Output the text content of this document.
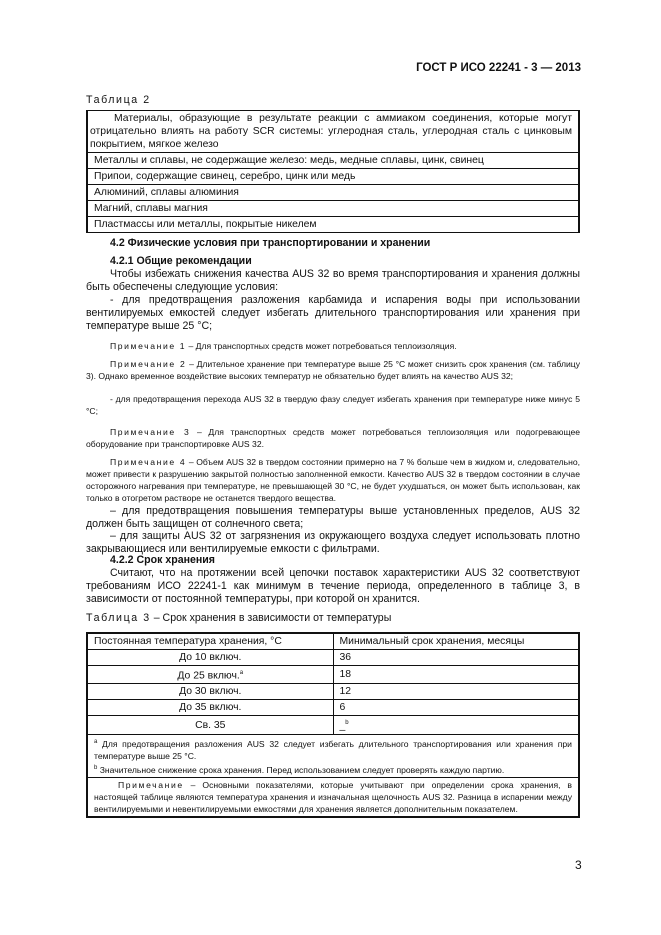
ГОСТ Р ИСО 22241 - 3 — 2013
Таблица 2
Материалы, образующие в результате реакции с аммиаком соединения, которые могут отрицательно влиять на работу SCR системы: углеродная сталь, углеродная сталь с цинковым покрытием, мягкое железо
Металлы и сплавы, не содержащие железо: медь, медные сплавы, цинк, свинец
Припои, содержащие свинец, серебро, цинк или медь
Алюминий, сплавы алюминия
Магний, сплавы магния
Пластмассы или металлы, покрытые никелем
4.2 Физические условия при транспортировании и хранении
4.2.1 Общие рекомендации

Чтобы избежать снижения качества AUS 32 во время транспортирования и хранения должны быть обеспечены следующие условия:

- для предотвращения разложения карбамида и испарения воды при использовании вентилируемых емкостей следует избегать длительного транспортирования или хранения при температуре выше 25 °С;

Примечание 1 – Для транспортных средств может потребоваться теплоизоляция.

Примечание 2 – Длительное хранение при температуре выше 25 °С может снизить срок хранения (см. таблицу 3). Однако временное воздействие высоких температур не обязательно будет влиять на качество AUS 32;

- для предотвращения перехода AUS 32 в твердую фазу следует избегать хранения при температуре ниже минус 5 °С;

Примечание 3 – Для транспортных средств может потребоваться теплоизоляция или подогревающее оборудование при транспортировке AUS 32.

Примечание 4 – Объем AUS 32 в твердом состоянии примерно на 7 % больше чем в жидком и, следовательно, может привести к разрушению закрытой полностью заполненной емкости. Качество AUS 32 в твердом состоянии в случае осторожного нагревания при температуре, не превышающей 30 °С, не будет ухудшаться, он может быть использован, как только в отогретом растворе не останется твердого вещества.

– для предотвращения повышения температуры выше установленных пределов, AUS 32 должен быть защищен от солнечного света;

– для защиты AUS 32 от загрязнения из окружающего воздуха следует использовать плотно закрывающиеся или вентилируемые емкости с фильтрами.

4.2.2 Срок хранения

Считают, что на протяжении всей цепочки поставок характеристики AUS 32 соответствуют требованиям ИСО 22241-1 как минимум в течение периода, определенного в таблице 3, в зависимости от постоянной температуры, при которой он хранится.

Таблица 3 – Срок хранения в зависимости от температуры
Постоянная температура хранения, °С	Минимальный срок хранения, месяцы
До 10 включ.	36
До 25 включ.$^a$	18
До 30 включ.	12
До 35 включ.	6
Св. 35	_$^b$

$^a$ Для предотвращения разложения AUS 32 следует избегать длительного транспортирования или хранения при температуре выше 25 °С.
$^b$ Значительное снижение срока хранения. Перед использованием следует проверять каждую партию.	

Примечание – Основными показателями, которые учитывают при определении срока хранения, в настоящей таблице являются температура хранения и изначальная щелочность AUS 32. Разница в испарении между вентилируемыми и невентилируемыми емкостями для хранения является дополнительным показателем.	
3
